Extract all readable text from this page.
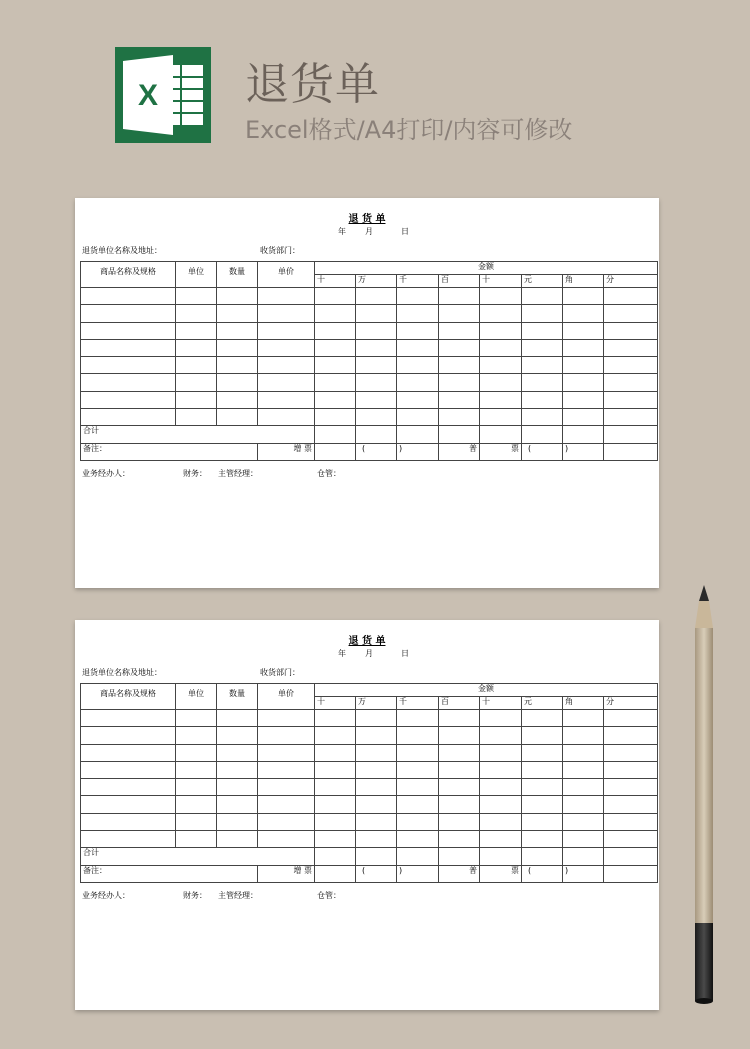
X 退货单
Excel格式/A4打印/内容可修改
退 货 单
年 月	日
退货单位名称及地址：	收货部门：
商品名称及规格	单位	数量	单价	金额							
				十	万	千	百	十	元	角	分

合计											
备注：			增 票		(	)	普	票	(	)	
业务经办人：	财务： 主管经理：	仓管：
退 货 单
年 月	日
退货单位名称及地址：	收货部门：
商品名称及规格	单位	数量	单价	金额							
				十	万	千	百	十	元	角	分

合计											
备注：			增 票		(	)	普	票	(	)	
业务经办人：	财务： 主管经理：	仓管：
